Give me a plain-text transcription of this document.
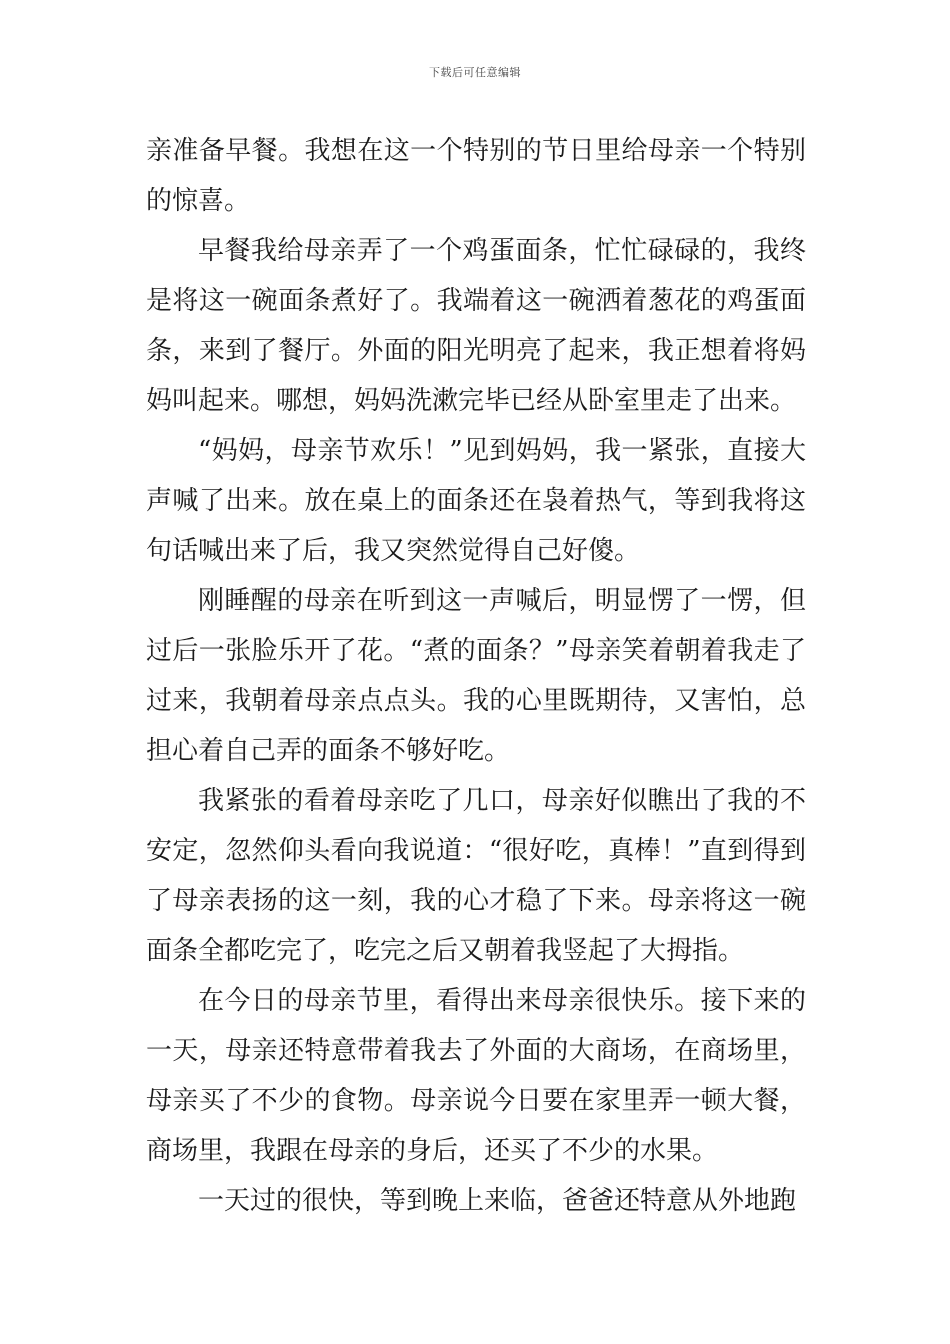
下载后可任意编辑

亲准备早餐。我想在这一个特别的节日里给母亲一个特别的惊喜。

早餐我给母亲弄了一个鸡蛋面条，忙忙碌碌的，我终是将这一碗面条煮好了。我端着这一碗洒着葱花的鸡蛋面条，来到了餐厅。外面的阳光明亮了起来，我正想着将妈妈叫起来。哪想，妈妈洗漱完毕已经从卧室里走了出来。

“妈妈，母亲节欢乐！”见到妈妈，我一紧张，直接大声喊了出来。放在桌上的面条还在袅着热气，等到我将这句话喊出来了后，我又突然觉得自己好傻。

刚睡醒的母亲在听到这一声喊后，明显愣了一愣，但过后一张脸乐开了花。“煮的面条？”母亲笑着朝着我走了过来，我朝着母亲点点头。我的心里既期待，又害怕，总担心着自己弄的面条不够好吃。

我紧张的看着母亲吃了几口，母亲好似瞧出了我的不安定，忽然仰头看向我说道：“很好吃，真棒！”直到得到了母亲表扬的这一刻，我的心才稳了下来。母亲将这一碗面条全都吃完了，吃完之后又朝着我竖起了大拇指。

在今日的母亲节里，看得出来母亲很快乐。接下来的一天，母亲还特意带着我去了外面的大商场，在商场里，母亲买了不少的食物。母亲说今日要在家里弄一顿大餐，商场里，我跟在母亲的身后，还买了不少的水果。

一天过的很快，等到晚上来临，爸爸还特意从外地跑
